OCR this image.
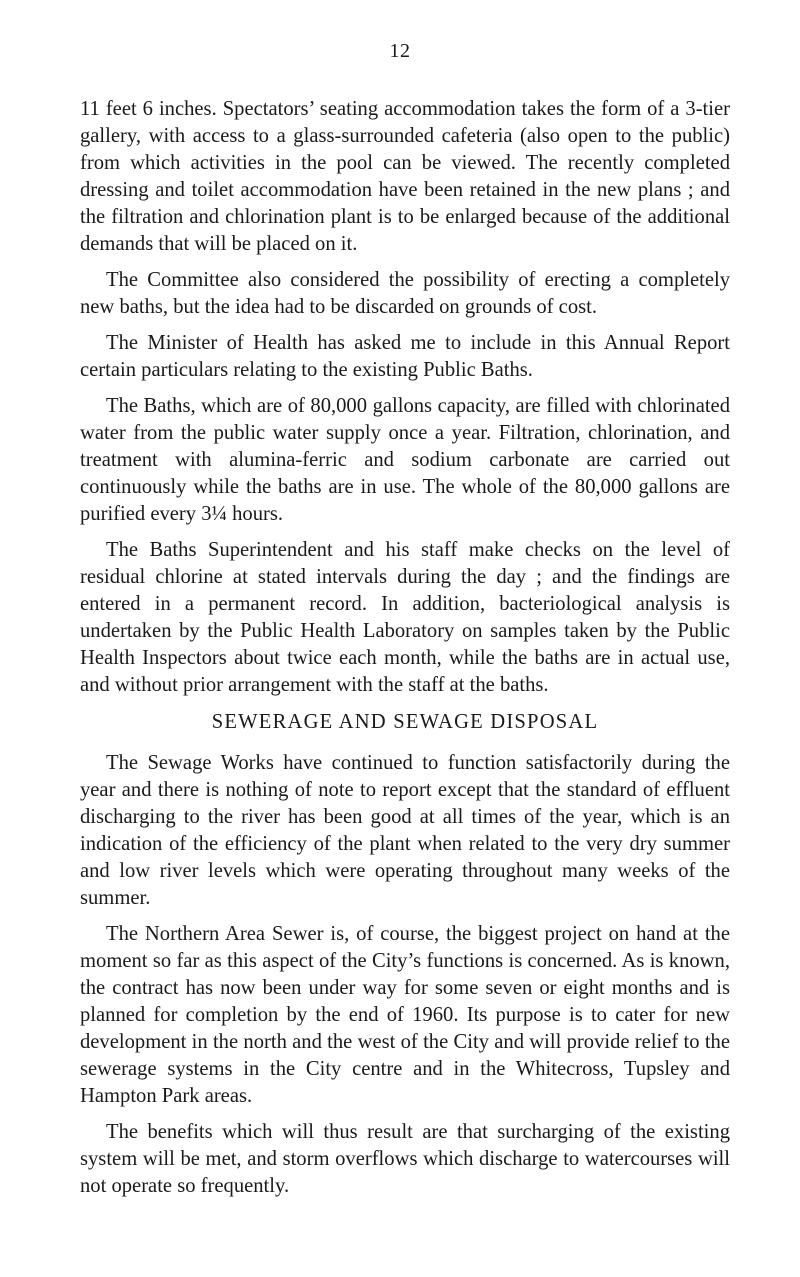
12

11 feet 6 inches. Spectators’ seating accommodation takes the form of a 3-tier gallery, with access to a glass-surrounded cafeteria (also open to the public) from which activities in the pool can be viewed. The recently completed dressing and toilet accommodation have been retained in the new plans ; and the filtration and chlorination plant is to be enlarged because of the additional demands that will be placed on it.

The Committee also considered the possibility of erecting a completely new baths, but the idea had to be discarded on grounds of cost.

The Minister of Health has asked me to include in this Annual Report certain particulars relating to the existing Public Baths.

The Baths, which are of 80,000 gallons capacity, are filled with chlorinated water from the public water supply once a year. Filtration, chlorination, and treatment with alumina-ferric and sodium carbonate are carried out continuously while the baths are in use. The whole of the 80,000 gallons are purified every 3¼ hours.

The Baths Superintendent and his staff make checks on the level of residual chlorine at stated intervals during the day ; and the findings are entered in a permanent record. In addition, bacteriological analysis is undertaken by the Public Health Laboratory on samples taken by the Public Health Inspectors about twice each month, while the baths are in actual use, and without prior arrangement with the staff at the baths.

SEWERAGE AND SEWAGE DISPOSAL

The Sewage Works have continued to function satisfactorily during the year and there is nothing of note to report except that the standard of effluent discharging to the river has been good at all times of the year, which is an indication of the efficiency of the plant when related to the very dry summer and low river levels which were operating throughout many weeks of the summer.

The Northern Area Sewer is, of course, the biggest project on hand at the moment so far as this aspect of the City’s functions is concerned. As is known, the contract has now been under way for some seven or eight months and is planned for completion by the end of 1960. Its purpose is to cater for new development in the north and the west of the City and will provide relief to the sewerage systems in the City centre and in the Whitecross, Tupsley and Hampton Park areas.

The benefits which will thus result are that surcharging of the existing system will be met, and storm overflows which discharge to watercourses will not operate so frequently.
